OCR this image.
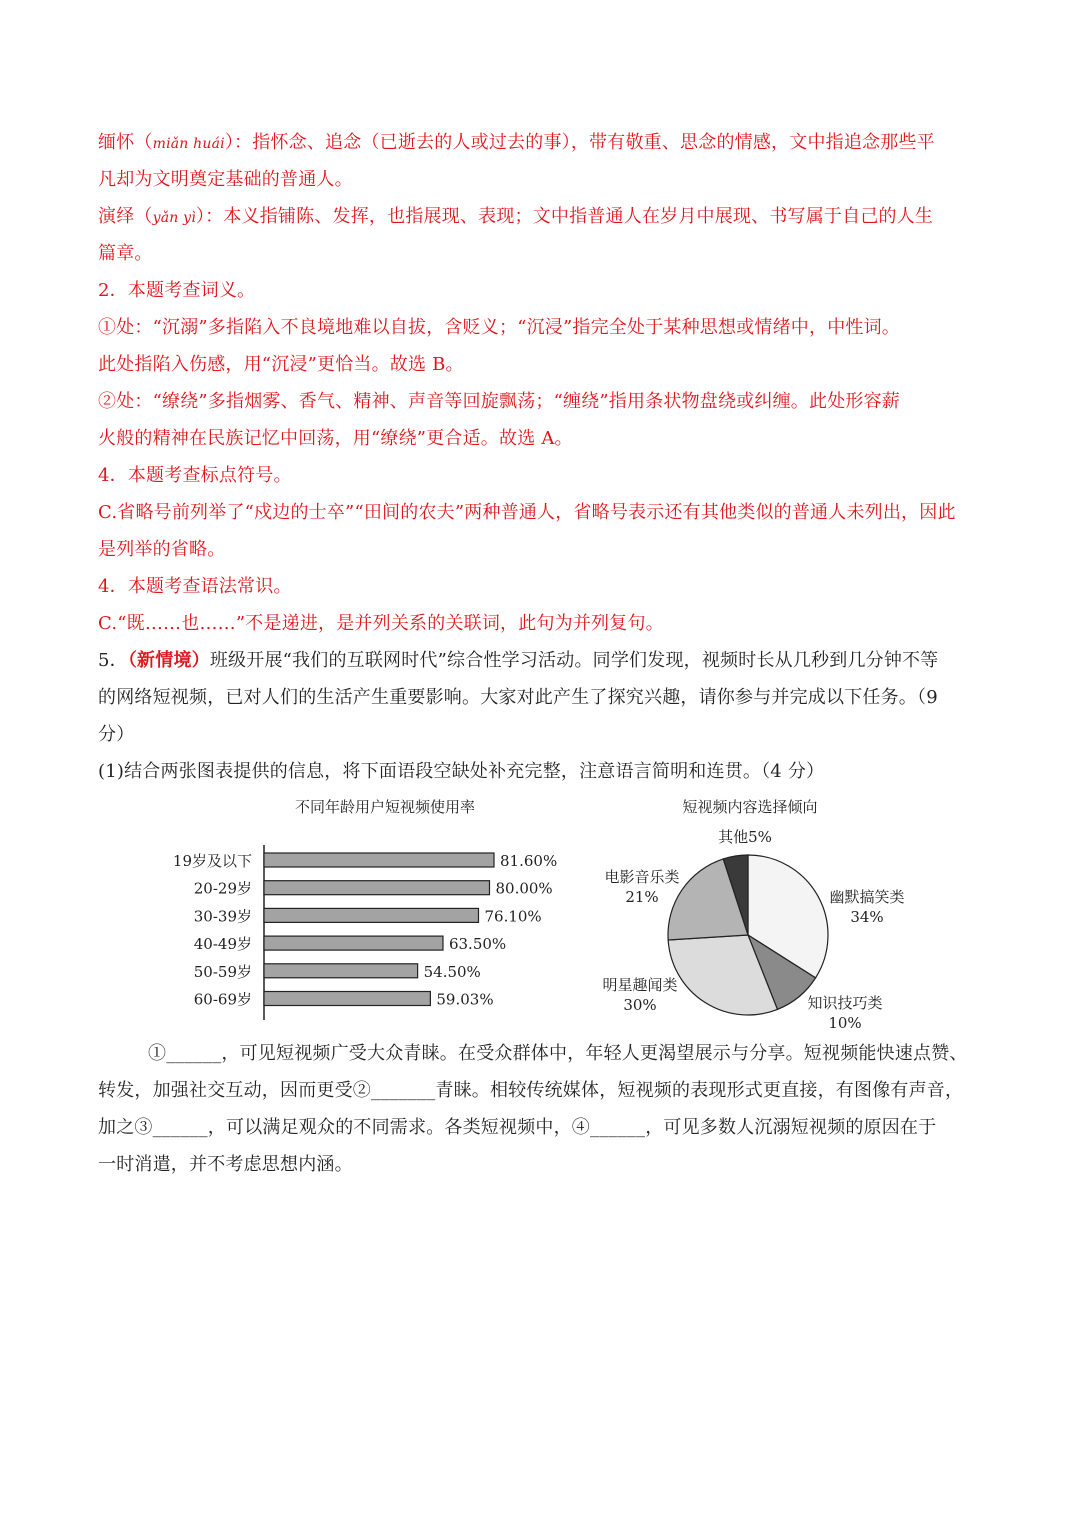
缅怀（miǎn huái）：指怀念、追念（已逝去的人或过去的事），带有敬重、思念的情感，文中指追念那些平
凡却为文明奠定基础的普通人。
演绎（yǎn yì）：本义指铺陈、发挥，也指展现、表现；文中指普通人在岁月中展现、书写属于自己的人生
篇章。
2．本题考查词义。
①处：“沉溺”多指陷入不良境地难以自拔，含贬义；“沉浸”指完全处于某种思想或情绪中，中性词。
此处指陷入伤感，用“沉浸”更恰当。故选 B。
②处：“缭绕”多指烟雾、香气、精神、声音等回旋飘荡；“缠绕”指用条状物盘绕或纠缠。此处形容薪
火般的精神在民族记忆中回荡，用“缭绕”更合适。故选 A。
4．本题考查标点符号。
C.省略号前列举了“戍边的士卒”“田间的农夫”两种普通人，省略号表示还有其他类似的普通人未列出，因此
是列举的省略。
4．本题考查语法常识。
C.“既……也……”不是递进，是并列关系的关联词，此句为并列复句。
5．（新情境）班级开展“我们的互联网时代”综合性学习活动。同学们发现，视频时长从几秒到几分钟不等
的网络短视频，已对人们的生活产生重要影响。大家对此产生了探究兴趣，请你参与并完成以下任务。（9
分）
(1)结合两张图表提供的信息，将下面语段空缺处补充完整，注意语言简明和连贯。（4 分）
不同年龄用户短视频使用率
19岁及以下	81.60%
20-29岁	80.00%
30-39岁	76.10%
40-49岁	63.50%
50-59岁	54.50%
60-69岁	59.03%
短视频内容选择倾向
其他5%
电影音乐类
21%	幽默搞笑类
34%
明星趣闻类
30%	知识技巧类
10%
①______，可见短视频广受大众青睐。在受众群体中，年轻人更渴望展示与分享。短视频能快速点赞、
转发，加强社交互动，因而更受②_______青睐。相较传统媒体，短视频的表现形式更直接，有图像有声音，
加之③______，可以满足观众的不同需求。各类短视频中，④______，可见多数人沉溺短视频的原因在于
一时消遣，并不考虑思想内涵。
